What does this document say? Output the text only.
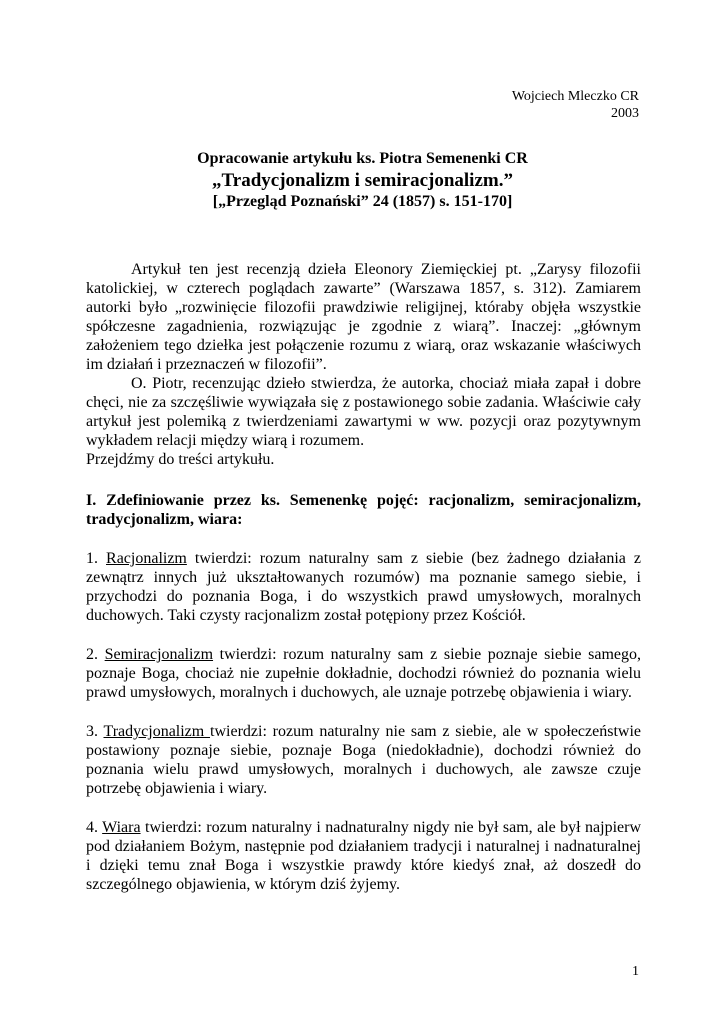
Wojciech Mleczko CR
2003
Opracowanie artykułu ks. Piotra Semenenki CR
„Tradycjonalizm i semiracjonalizm.”
[„Przegląd Poznański” 24 (1857) s. 151-170]

Artykuł ten jest recenzją dzieła Eleonory Ziemięckiej pt. „Zarysy filozofii katolickiej, w czterech poglądach zawarte” (Warszawa 1857, s. 312). Zamiarem autorki było „rozwinięcie filozofii prawdziwie religijnej, któraby objęła wszystkie spółczesne zagadnienia, rozwiązując je zgodnie z wiarą”. Inaczej: „głównym założeniem tego dziełka jest połączenie rozumu z wiarą, oraz wskazanie właściwych im działań i przeznaczeń w filozofii”.

O. Piotr, recenzując dzieło stwierdza, że autorka, chociaż miała zapał i dobre chęci, nie za szczęśliwie wywiązała się z postawionego sobie zadania. Właściwie cały artykuł jest polemiką z twierdzeniami zawartymi w ww. pozycji oraz pozytywnym wykładem relacji między wiarą i rozumem.

Przejdźmy do treści artykułu.

I. Zdefiniowanie przez ks. Semenenkę pojęć: racjonalizm, semiracjonalizm, tradycjonalizm, wiara:

1. Racjonalizm twierdzi: rozum naturalny sam z siebie (bez żadnego działania z zewnątrz innych już ukształtowanych rozumów) ma poznanie samego siebie, i przychodzi do poznania Boga, i do wszystkich prawd umysłowych, moralnych duchowych. Taki czysty racjonalizm został potępiony przez Kościół.

2. Semiracjonalizm twierdzi: rozum naturalny sam z siebie poznaje siebie samego, poznaje Boga, chociaż nie zupełnie dokładnie, dochodzi również do poznania wielu prawd umysłowych, moralnych i duchowych, ale uznaje potrzebę objawienia i wiary.

3. Tradycjonalizm twierdzi: rozum naturalny nie sam z siebie, ale w społeczeństwie postawiony poznaje siebie, poznaje Boga (niedokładnie), dochodzi również do poznania wielu prawd umysłowych, moralnych i duchowych, ale zawsze czuje potrzebę objawienia i wiary.

4. Wiara twierdzi: rozum naturalny i nadnaturalny nigdy nie był sam, ale był najpierw pod działaniem Bożym, następnie pod działaniem tradycji i naturalnej i nadnaturalnej i dzięki temu znał Boga i wszystkie prawdy które kiedyś znał, aż doszedł do szczególnego objawienia, w którym dziś żyjemy.

1
